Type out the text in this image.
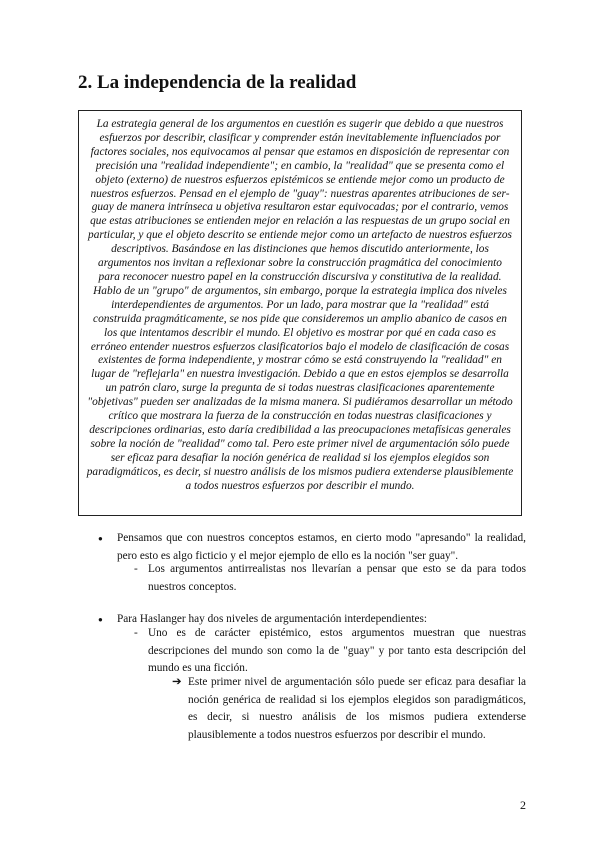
2. La independencia de la realidad

La estrategia general de los argumentos en cuestión es sugerir que debido a que nuestros esfuerzos por describir, clasificar y comprender están inevitablemente influenciados por factores sociales, nos equivocamos al pensar que estamos en disposición de representar con precisión una "realidad independiente"; en cambio, la "realidad" que se presenta como el objeto (externo) de nuestros esfuerzos epistémicos se entiende mejor como un producto de nuestros esfuerzos. Pensad en el ejemplo de "guay": nuestras aparentes atribuciones de ser-guay de manera intrínseca u objetiva resultaron estar equivocadas; por el contrario, vemos que estas atribuciones se entienden mejor en relación a las respuestas de un grupo social en particular, y que el objeto descrito se entiende mejor como un artefacto de nuestros esfuerzos descriptivos. Basándose en las distinciones que hemos discutido anteriormente, los argumentos nos invitan a reflexionar sobre la construcción pragmática del conocimiento para reconocer nuestro papel en la construcción discursiva y constitutiva de la realidad. Hablo de un "grupo" de argumentos, sin embargo, porque la estrategia implica dos niveles interdependientes de argumentos. Por un lado, para mostrar que la "realidad" está construida pragmáticamente, se nos pide que consideremos un amplio abanico de casos en los que intentamos describir el mundo. El objetivo es mostrar por qué en cada caso es erróneo entender nuestros esfuerzos clasificatorios bajo el modelo de clasificación de cosas existentes de forma independiente, y mostrar cómo se está construyendo la "realidad" en lugar de "reflejarla" en nuestra investigación. Debido a que en estos ejemplos se desarrolla un patrón claro, surge la pregunta de si todas nuestras clasificaciones aparentemente "objetivas" pueden ser analizadas de la misma manera. Si pudiéramos desarrollar un método crítico que mostrara la fuerza de la construcción en todas nuestras clasificaciones y descripciones ordinarias, esto daría credibilidad a las preocupaciones metafísicas generales sobre la noción de "realidad" como tal. Pero este primer nivel de argumentación sólo puede ser eficaz para desafiar la noción genérica de realidad si los ejemplos elegidos son paradigmáticos, es decir, si nuestro análisis de los mismos pudiera extenderse plausiblemente a todos nuestros esfuerzos por describir el mundo.

● Pensamos que con nuestros conceptos estamos, en cierto modo "apresando" la realidad, pero esto es algo ficticio y el mejor ejemplo de ello es la noción "ser guay".
- Los argumentos antirrealistas nos llevarían a pensar que esto se da para todos nuestros conceptos.
● Para Haslanger hay dos niveles de argumentación interdependientes:
- Uno es de carácter epistémico, estos argumentos muestran que nuestras descripciones del mundo son como la de "guay" y por tanto esta descripción del mundo es una ficción.
➔ Este primer nivel de argumentación sólo puede ser eficaz para desafiar la noción genérica de realidad si los ejemplos elegidos son paradigmáticos, es decir, si nuestro análisis de los mismos pudiera extenderse plausiblemente a todos nuestros esfuerzos por describir el mundo.
2
